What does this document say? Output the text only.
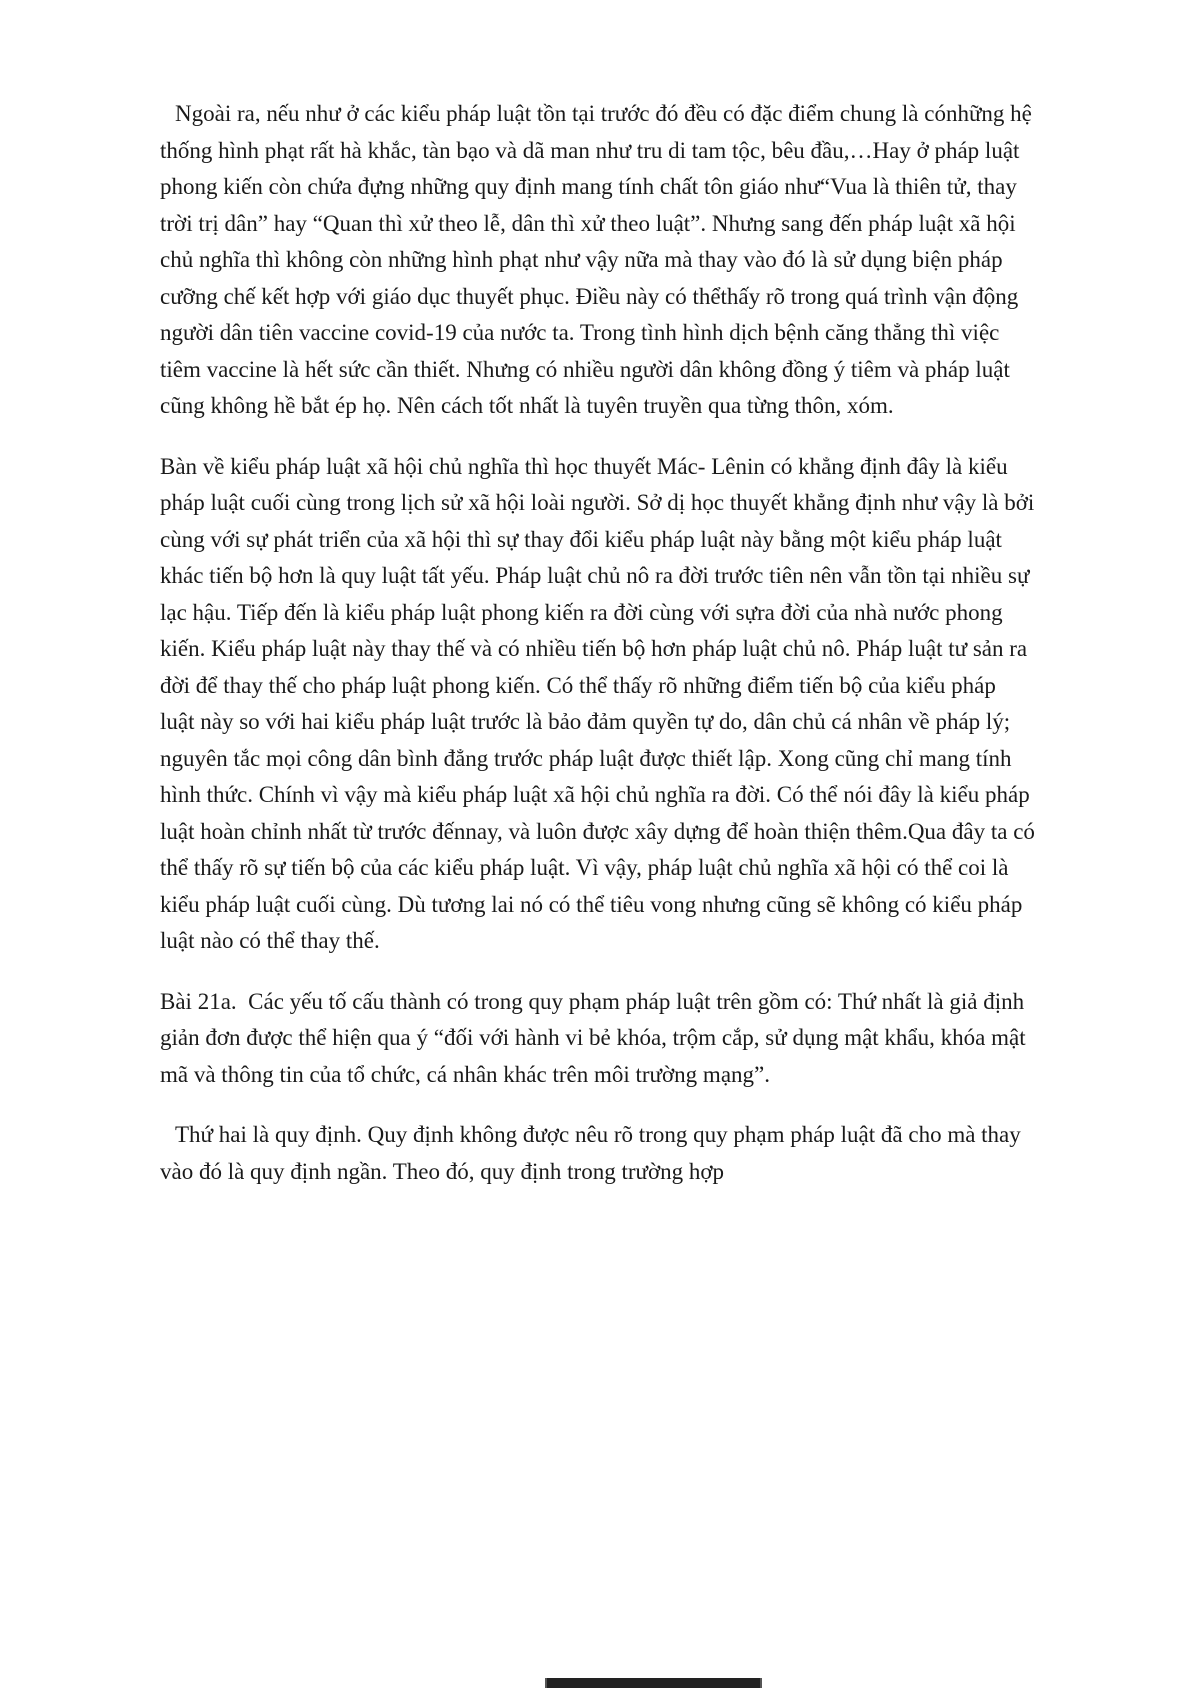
Ngoài ra, nếu như ở các kiểu pháp luật tồn tại trước đó đều có đặc điểm chung là cónhững hệ thống hình phạt rất hà khắc, tàn bạo và dã man như tru di tam tộc, bêu đầu,…Hay ở pháp luật phong kiến còn chứa đựng những quy định mang tính chất tôn giáo như“Vua là thiên tử, thay trời trị dân” hay “Quan thì xử theo lễ, dân thì xử theo luật”. Nhưng sang đến pháp luật xã hội chủ nghĩa thì không còn những hình phạt như vậy nữa mà thay vào đó là sử dụng biện pháp cưỡng chế kết hợp với giáo dục thuyết phục. Điều này có thểthấy rõ trong quá trình vận động người dân tiên vaccine covid-19 của nước ta. Trong tình hình dịch bệnh căng thẳng thì việc tiêm vaccine là hết sức cần thiết. Nhưng có nhiều người dân không đồng ý tiêm và pháp luật cũng không hề bắt ép họ. Nên cách tốt nhất là tuyên truyền qua từng thôn, xóm.

Bàn về kiểu pháp luật xã hội chủ nghĩa thì học thuyết Mác- Lênin có khẳng định đây là kiểu pháp luật cuối cùng trong lịch sử xã hội loài người. Sở dị học thuyết khẳng định như vậy là bởi cùng với sự phát triển của xã hội thì sự thay đổi kiểu pháp luật này bằng một kiểu pháp luật khác tiến bộ hơn là quy luật tất yếu. Pháp luật chủ nô ra đời trước tiên nên vẫn tồn tại nhiều sự lạc hậu. Tiếp đến là kiểu pháp luật phong kiến ra đời cùng với sựra đời của nhà nước phong kiến. Kiểu pháp luật này thay thế và có nhiều tiến bộ hơn pháp luật chủ nô. Pháp luật tư sản ra đời để thay thế cho pháp luật phong kiến. Có thể thấy rõ những điểm tiến bộ của kiểu pháp luật này so với hai kiểu pháp luật trước là bảo đảm quyền tự do, dân chủ cá nhân về pháp lý; nguyên tắc mọi công dân bình đẳng trước pháp luật được thiết lập. Xong cũng chỉ mang tính hình thức. Chính vì vậy mà kiểu pháp luật xã hội chủ nghĩa ra đời. Có thể nói đây là kiểu pháp luật hoàn chỉnh nhất từ trước đếnnay, và luôn được xây dựng để hoàn thiện thêm.Qua đây ta có thể thấy rõ sự tiến bộ của các kiểu pháp luật. Vì vậy, pháp luật chủ nghĩa xã hội có thể coi là kiểu pháp luật cuối cùng. Dù tương lai nó có thể tiêu vong nhưng cũng sẽ không có kiểu pháp luật nào có thể thay thế.

Bài 21a.  Các yếu tố cấu thành có trong quy phạm pháp luật trên gồm có: Thứ nhất là giả định giản đơn được thể hiện qua ý “đối với hành vi bẻ khóa, trộm cắp, sử dụng mật khẩu, khóa mật mã và thông tin của tổ chức, cá nhân khác trên môi trường mạng”.

Thứ hai là quy định. Quy định không được nêu rõ trong quy phạm pháp luật đã cho mà thay vào đó là quy định ngần. Theo đó, quy định trong trường hợp
